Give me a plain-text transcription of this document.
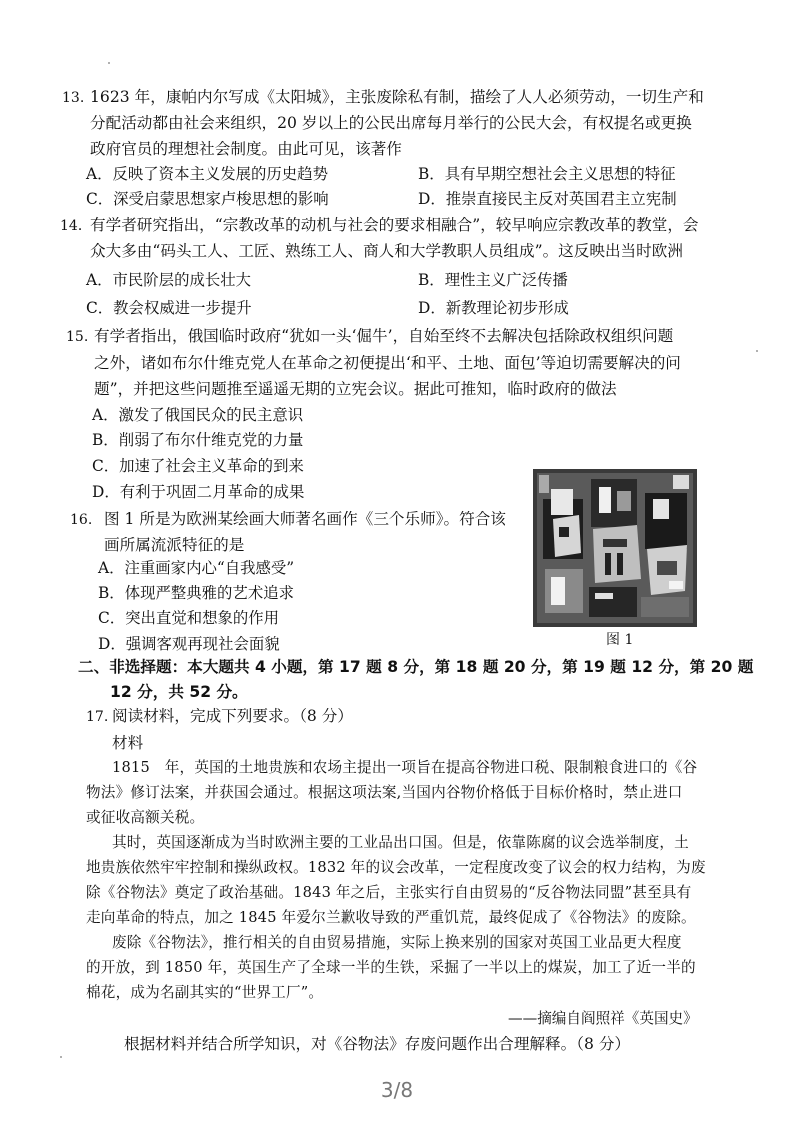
13. 1623 年，康帕内尔写成《太阳城》，主张废除私有制，描绘了人人必须劳动，一切生产和
分配活动都由社会来组织，20 岁以上的公民出席每月举行的公民大会，有权提名或更换
政府官员的理想社会制度。由此可见，该著作
A．反映了资本主义发展的历史趋势	B．具有早期空想社会主义思想的特征
C．深受启蒙思想家卢梭思想的影响	D．推崇直接民主反对英国君主立宪制
14．
有学者研究指出，“宗教改革的动机与社会的要求相融合”，较早响应宗教改革的教堂，会
众大多由“码头工人、工匠、熟练工人、商人和大学教职人员组成”。这反映出当时欧洲
A．市民阶层的成长壮大	B．理性主义广泛传播
C．教会权威进一步提升	D．新教理论初步形成
15. 有学者指出，俄国临时政府“犹如一头‘倔牛’，自始至终不去解决包括除政权组织问题
之外，诸如布尔什维克党人在革命之初便提出‘和平、土地、面包’等迫切需要解决的问
题”，并把这些问题推至遥遥无期的立宪会议。据此可推知，临时政府的做法
A．激发了俄国民众的民主意识
B．削弱了布尔什维克党的力量
C．加速了社会主义革命的到来
D．有利于巩固二月革命的成果
16. 图 1 所是为欧洲某绘画大师著名画作《三个乐师》。符合该
画所属流派特征的是
A．注重画家内心“自我感受”
B．体现严整典雅的艺术追求
C．突出直觉和想象的作用
D．强调客观再现社会面貌	图 1
二、非选择题：本大题共 4 小题，第 17 题 8 分，第 18 题 20 分，第 19 题 12 分，第 20 题
12 分，共 52 分。
17. 阅读材料，完成下列要求。（8 分）
材料
1815　年，英国的土地贵族和农场主提出一项旨在提高谷物进口税、限制粮食进口的《谷
物法》修订法案，并获国会通过。根据这项法案,当国内谷物价格低于目标价格时，禁止进口
或征收高额关税。
其时，英国逐渐成为当时欧洲主要的工业品出口国。但是，依靠陈腐的议会选举制度，土
地贵族依然牢牢控制和操纵政权。1832 年的议会改革，一定程度改变了议会的权力结构，为废
除《谷物法》奠定了政治基础。1843 年之后，主张实行自由贸易的“反谷物法同盟”甚至具有
走向革命的特点，加之 1845 年爱尔兰歉收导致的严重饥荒，最终促成了《谷物法》的废除。
废除《谷物法》，推行相关的自由贸易措施，实际上换来别的国家对英国工业品更大程度
的开放，到 1850 年，英国生产了全球一半的生铁，采掘了一半以上的煤炭，加工了近一半的
棉花，成为名副其实的“世界工厂”。
——摘编自阎照祥《英国史》
根据材料并结合所学知识，对《谷物法》存废问题作出合理解释。（8 分）
3/8
